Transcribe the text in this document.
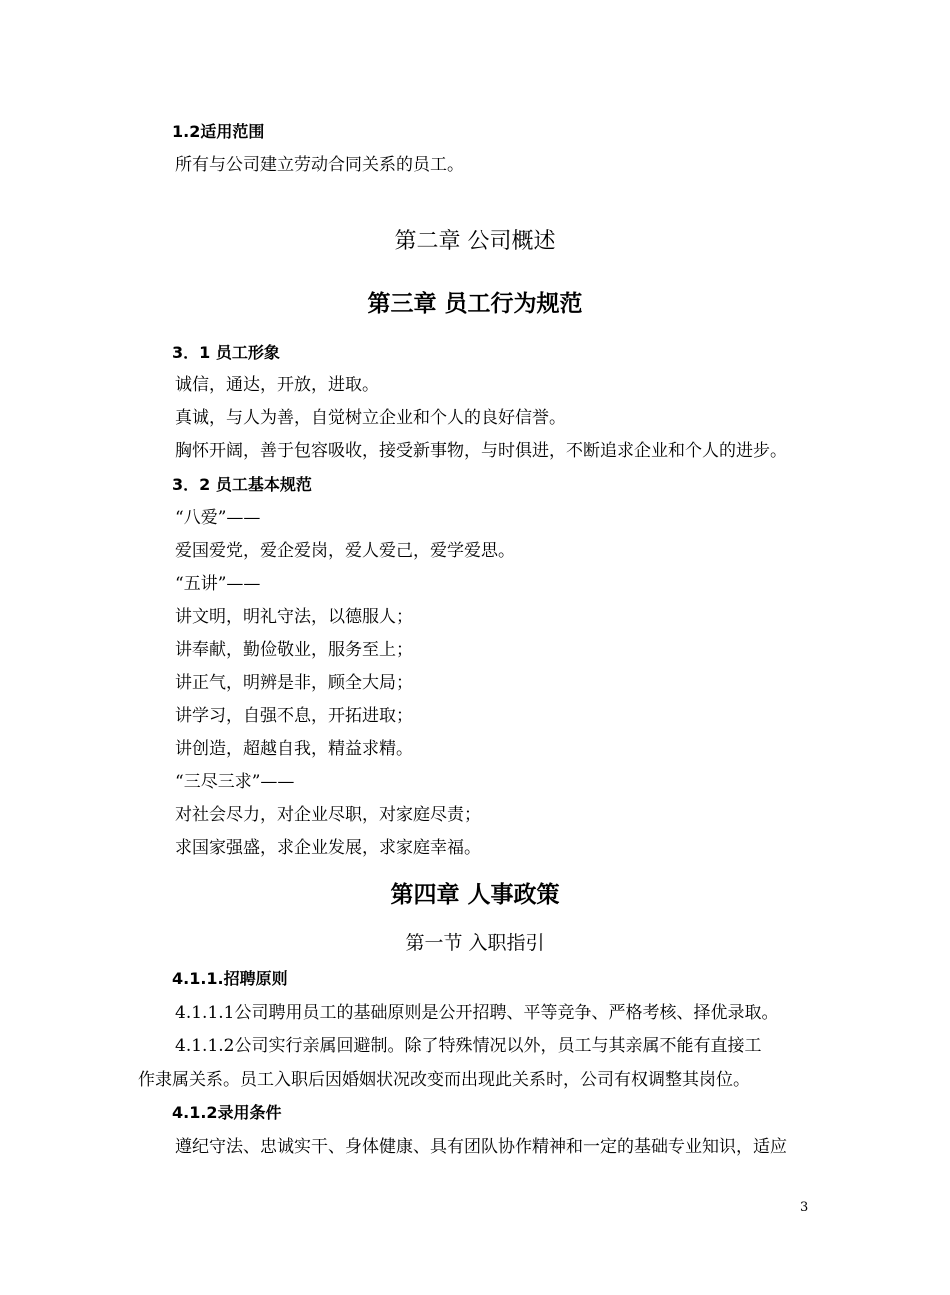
1.2适用范围
所有与公司建立劳动合同关系的员工。
第二章 公司概述
第三章 员工行为规范
3．1 员工形象
诚信，通达，开放，进取。
真诚，与人为善，自觉树立企业和个人的良好信誉。
胸怀开阔，善于包容吸收，接受新事物，与时俱进，不断追求企业和个人的进步。
3．2 员工基本规范
“八爱”——
爱国爱党，爱企爱岗，爱人爱己，爱学爱思。
“五讲”——
讲文明，明礼守法，以德服人；
讲奉献，勤俭敬业，服务至上；
讲正气，明辨是非，顾全大局；
讲学习，自强不息，开拓进取；
讲创造，超越自我，精益求精。
“三尽三求”——
对社会尽力，对企业尽职，对家庭尽责；
求国家强盛，求企业发展，求家庭幸福。
第四章 人事政策
第一节 入职指引
4.1.1.招聘原则
4.1.1.1公司聘用员工的基础原则是公开招聘、平等竞争、严格考核、择优录取。
4.1.1.2公司实行亲属回避制。除了特殊情况以外，员工与其亲属不能有直接工
作隶属关系。员工入职后因婚姻状况改变而出现此关系时，公司有权调整其岗位。
4.1.2录用条件
遵纪守法、忠诚实干、身体健康、具有团队协作精神和一定的基础专业知识，适应
3
